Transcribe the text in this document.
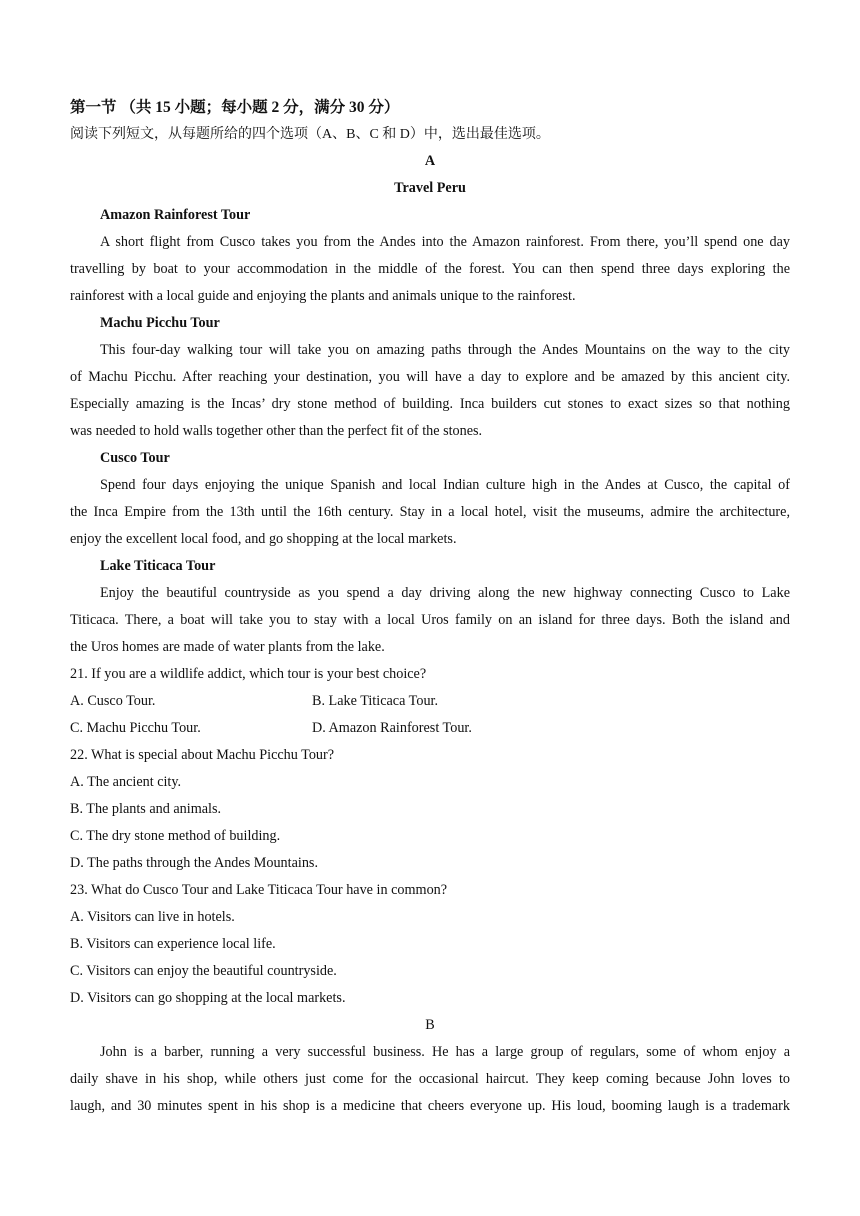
第一节 （共 15 小题；每小题 2 分，满分 30 分）
阅读下列短文，从每题所给的四个选项（A、B、C 和 D）中，选出最佳选项。
A
Travel Peru
Amazon Rainforest Tour
A short flight from Cusco takes you from the Andes into the Amazon rainforest. From there, you’ll spend one day
travelling by boat to your accommodation in the middle of the forest. You can then spend three days exploring the
rainforest with a local guide and enjoying the plants and animals unique to the rainforest.
Machu Picchu Tour
This four-day walking tour will take you on amazing paths through the Andes Mountains on the way to the city
of Machu Picchu. After reaching your destination, you will have a day to explore and be amazed by this ancient city.
Especially amazing is the Incas’ dry stone method of building. Inca builders cut stones to exact sizes so that nothing
was needed to hold walls together other than the perfect fit of the stones.
Cusco Tour
Spend four days enjoying the unique Spanish and local Indian culture high in the Andes at Cusco, the capital of
the Inca Empire from the 13th until the 16th century. Stay in a local hotel, visit the museums, admire the architecture,
enjoy the excellent local food, and go shopping at the local markets.
Lake Titicaca Tour
Enjoy the beautiful countryside as you spend a day driving along the new highway connecting Cusco to Lake
Titicaca. There, a boat will take you to stay with a local Uros family on an island for three days. Both the island and
the Uros homes are made of water plants from the lake.
21. If you are a wildlife addict, which tour is your best choice?
A. Cusco Tour.	B. Lake Titicaca Tour.
C. Machu Picchu Tour.	D. Amazon Rainforest Tour.
22. What is special about Machu Picchu Tour?
A. The ancient city.
B. The plants and animals.
C. The dry stone method of building.
D. The paths through the Andes Mountains.
23. What do Cusco Tour and Lake Titicaca Tour have in common?
A. Visitors can live in hotels.
B. Visitors can experience local life.
C. Visitors can enjoy the beautiful countryside.
D. Visitors can go shopping at the local markets.
B
John is a barber, running a very successful business. He has a large group of regulars, some of whom enjoy a
daily shave in his shop, while others just come for the occasional haircut. They keep coming because John loves to
laugh, and 30 minutes spent in his shop is a medicine that cheers everyone up. His loud, booming laugh is a trademark
